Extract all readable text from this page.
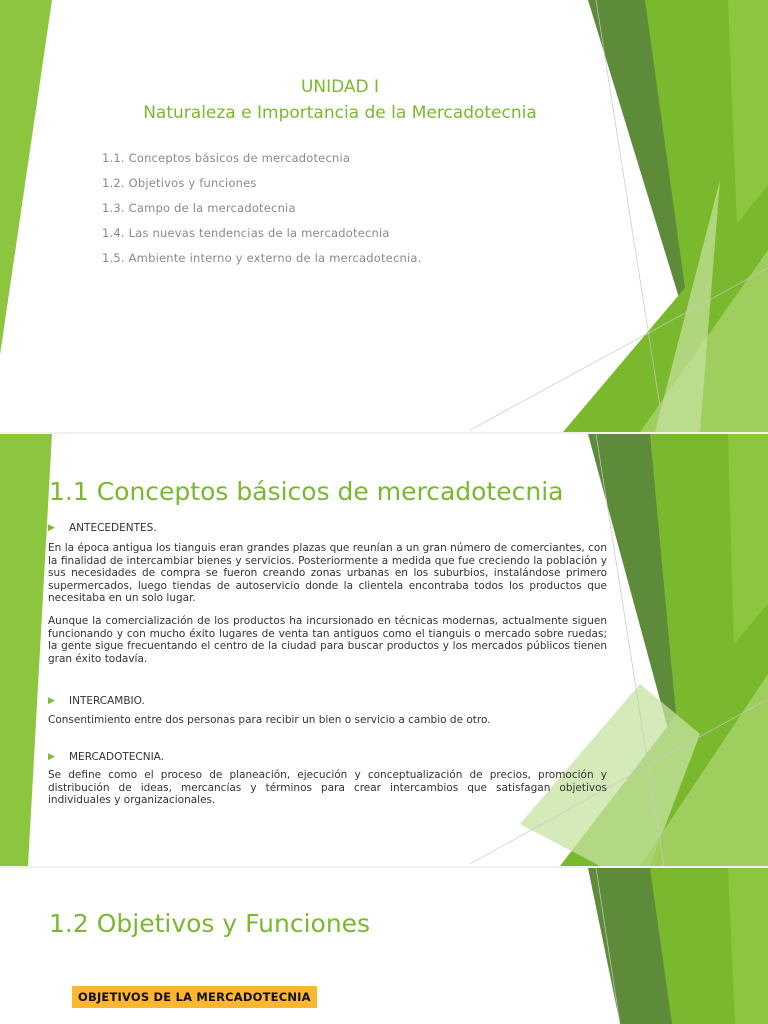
UNIDAD I
Naturaleza e Importancia de la Mercadotecnia
1.1. Conceptos básicos de mercadotecnia
1.2. Objetivos y funciones
1.3. Campo de la mercadotecnia
1.4. Las nuevas tendencias de la mercadotecnia
1.5. Ambiente interno y externo de la mercadotecnia.
1.1 Conceptos básicos de mercadotecnia

▶	ANTECEDENTES.

En la época antigua los tianguis eran grandes plazas que reunían a un gran número de comerciantes, con la finalidad de intercambiar bienes y servicios. Posteriormente a medida que fue creciendo la población y sus necesidades de compra se fueron creando zonas urbanas en los suburbios, instalándose primero supermercados, luego tiendas de autoservicio donde la clientela encontraba todos los productos que necesitaba en un solo lugar.

Aunque la comercialización de los productos ha incursionado en técnicas modernas, actualmente siguen funcionando y con mucho éxito lugares de venta tan antiguos como el tianguis o mercado sobre ruedas; la gente sigue frecuentando el centro de la ciudad para buscar productos y los mercados públicos tienen gran éxito todavía.

▶	INTERCAMBIO.

Consentimiento entre dos personas para recibir un bien o servicio a cambio de otro.

▶	MERCADOTECNIA.

Se define como el proceso de planeación, ejecución y conceptualización de precios, promoción y distribución de ideas, mercancías y términos para crear intercambios que satisfagan objetivos individuales y organizacionales.

1.2 Objetivos y Funciones
OBJETIVOS DE LA MERCADOTECNIA
